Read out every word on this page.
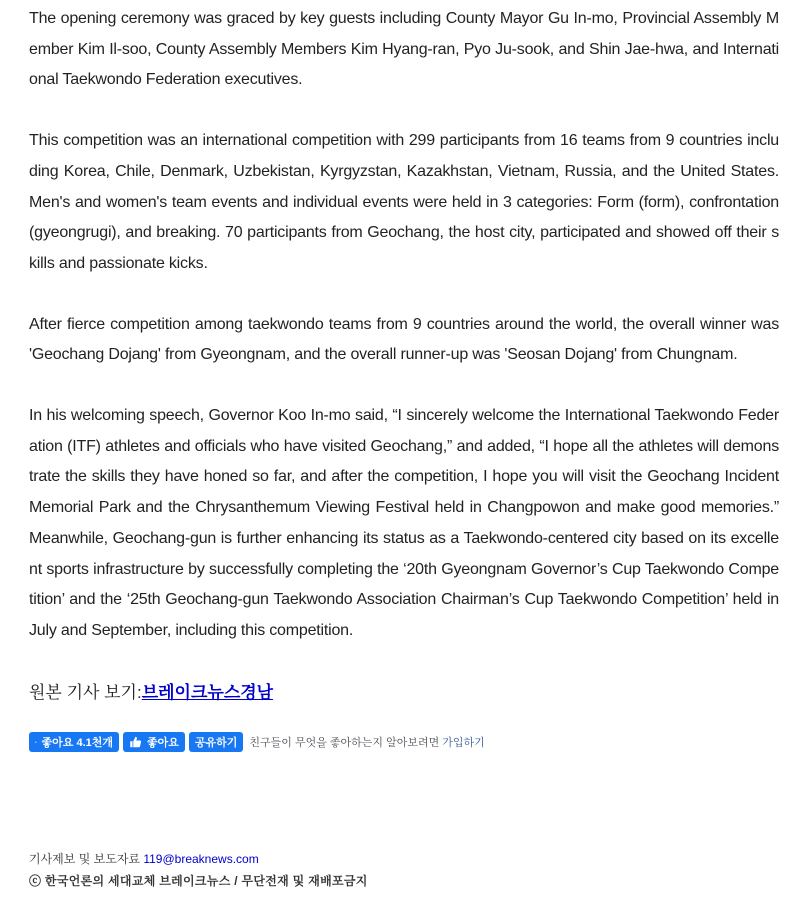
The opening ceremony was graced by key guests including County Mayor Gu In-mo, Provincial Assembly Member Kim Il-soo, County Assembly Members Kim Hyang-ran, Pyo Ju-sook, and Shin Jae-hwa, and International Taekwondo Federation executives.

This competition was an international competition with 299 participants from 16 teams from 9 countries including Korea, Chile, Denmark, Uzbekistan, Kyrgyzstan, Kazakhstan, Vietnam, Russia, and the United States. Men's and women's team events and individual events were held in 3 categories: Form (form), confrontation (gyeongrugi), and breaking. 70 participants from Geochang, the host city, participated and showed off their skills and passionate kicks.

After fierce competition among taekwondo teams from 9 countries around the world, the overall winner was 'Geochang Dojang' from Gyeongnam, and the overall runner-up was 'Seosan Dojang' from Chungnam.

In his welcoming speech, Governor Koo In-mo said, “I sincerely welcome the International Taekwondo Federation (ITF) athletes and officials who have visited Geochang,” and added, “I hope all the athletes will demonstrate the skills they have honed so far, and after the competition, I hope you will visit the Geochang Incident Memorial Park and the Chrysanthemum Viewing Festival held in Changpowon and make good memories.” Meanwhile, Geochang-gun is further enhancing its status as a Taekwondo-centered city based on its excellent sports infrastructure by successfully completing the ‘20th Gyeongnam Governor’s Cup Taekwondo Competition’ and the ‘25th Geochang-gun Taekwondo Association Chairman’s Cup Taekwondo Competition’ held in July and September, including this competition.

원본 기사 보기:브레이크뉴스경남
좋아요 4.1천개	좋아요 공유하기 친구들이 무엇을 좋아하는지 알아보려면 가입하기
기사제보 및 보도자료 119@breaknews.com
ⓒ 한국언론의 세대교체 브레이크뉴스 / 무단전재 및 재배포금지
